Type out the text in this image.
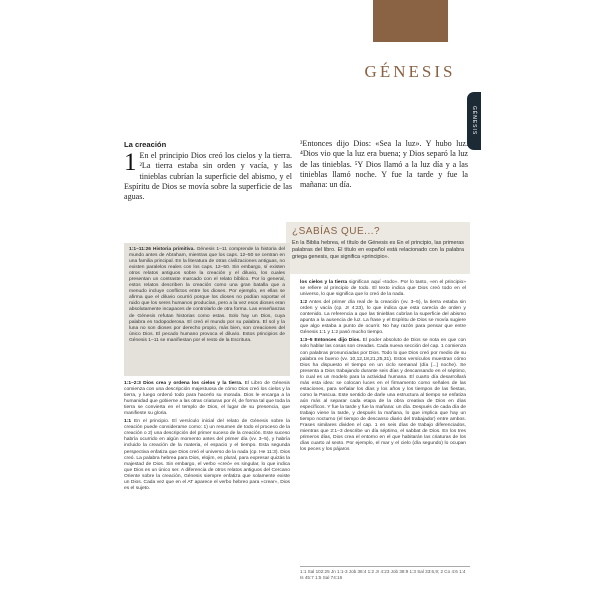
GÉNESIS
GÉNESIS
La creación
1 En el principio Dios creó los cielos y la tierra. ²La tierra estaba sin orden y vacía, y las tinieblas cubrían la superficie del abismo, y el Espíritu de Dios se movía sobre la superficie de las aguas.
³Entonces dijo Dios: «Sea la luz». Y hubo luz. ⁴Dios vio que la luz era buena; y Dios separó la luz de las tinieblas. ⁵Y Dios llamó a la luz día y a las tinieblas llamó noche. Y fue la tarde y fue la mañana: un día.
¿SABÍAS QUE...?
En la Biblia hebrea, el título de Génesis es En el principio, las primeras palabras del libro. El título en español está relacionado con la palabra griega genesis, que significa «principio».
1:1–11:26 Historia primitiva. Génesis 1–11 comprende la historia del mundo antes de Abraham, mientras que los caps. 12–50 se centran en una familia principal. En la literatura de otras civilizaciones antiguas, no existen paralelos reales con los caps. 12–50. Sin embargo, sí existen otros relatos antiguos sobre la creación y el diluvio, los cuales presentan un contraste marcado con el relato bíblico. Por lo general, estos relatos describen la creación como una gran batalla que a menudo incluye conflictos entre los dioses. Por ejemplo, en ellas se afirma que el diluvio ocurrió porque los dioses no podían soportar el ruido que los seres humanos producían, pero a la vez esos dioses eran absolutamente incapaces de controlarlo de otra forma. Las enseñanzas de Génesis refutan historias como estas. Solo hay un Dios, cuya palabra es todopoderosa. El creó el mundo por su palabra. El sol y la luna no son dioses por derecho propio, más bien, son creaciones del único Dios. El pecado humano provoca el diluvio. Estos principios de Génesis 1–11 se manifiestan por el resto de la Escritura.

1:1–2:3 Dios crea y ordena los cielos y la tierra. El Libro de Génesis comienza con una descripción majestuosa de cómo Dios creó los cielos y la tierra, y luego ordenó todo para hacerlo su morada. Dios le encarga a la humanidad que gobierne a las otras criaturas por él, de forma tal que toda la tierra se convierta en el templo de Dios, el lugar de su presencia, que manifieste su gloria.

1:1 En el principio. El versículo inicial del relato de Génesis sobre la creación puede considerarse como: 1) un resumen de todo el proceso de la creación o 2) una descripción del primer suceso de la creación. Este suceso habría ocurrido en algún momento antes del primer día (vv. 3–5), y habría incluido la creación de la materia, el espacio y el tiempo. Esta segunda perspectiva enfatiza que Dios creó el universo de la nada (cp. He 11:3). Dios creó. La palabra hebrea para Dios, elojim, es plural, para expresar quizás la majestad de Dios. Sin embargo, el verbo «creó» es singular, lo que indica que Dios es un único ser. A diferencia de otros relatos antiguos del Cercano Oriente sobre la creación, Génesis siempre enfatiza que solamente existe un Dios. Cada vez que en el AT aparece el verbo hebreo para «crear», Dios es el sujeto.

los cielos y la tierra significan aquí «todo». Por lo tanto, «en el principio» se refiere al principio de todo. El texto indica que Dios creó todo en el universo, lo que significa que lo creó de la nada.

1:2 Antes del primer día real de la creación (vv. 3–5), la tierra estaba sin orden y vacía (cp. Jr 4:23), lo que indica que esta carecía de orden y contenido. La referencia a que las tinieblas cubrían la superficie del abismo apunta a la ausencia de luz. La frase y el Espíritu de Dios se movía sugiere que algo estaba a punto de ocurrir. No hay razón para pensar que entre Génesis 1:1 y 1:2 pasó mucho tiempo.

1:3–5 Entonces dijo Dios. El poder absoluto de Dios se nota en que con solo hablar las cosas son creadas. Cada nueva sección del cap. 1 comienza con palabras pronunciadas por Dios. Todo lo que Dios creó por medio de su palabra es bueno (vv. 10,12,18,21,25,31). Estos versículos muestran cómo Dios ha dispuesto el tiempo en un ciclo semanal (día [...] noche). Se presenta a Dios trabajando durante seis días y descansando en el séptimo, lo cual es un modelo para la actividad humana. El cuarto día desarrollará más esta idea: se colocan luces en el firmamento como señales de las estaciones, para señalar los días y los años y los tiempos de las fiestas, como la Pascua. Este sentido de darle una estructura al tiempo se enfatiza aún más al separar cada etapa de la obra creativa de Dios en días específicos. Y fue la tarde y fue la mañana: un día. Después de cada día de trabajo viene la tarde, y después la mañana, lo que implica que hay un tiempo nocturno (el tiempo de descanso diario del trabajador) entre ambos. Frases similares dividen el cap. 1 en seis días de trabajo diferenciados, mientras que 2:1–3 describe un día séptimo, el sabbat de Dios. En los tres primeros días, Dios crea el entorno en el que habitarán las criaturas de los días cuarto al sexto. Por ejemplo, el mar y el cielo (día segundo) lo ocupan los peces y los pájaros

1:1 Sal 102:25 Jn 1:1-3 Job 38:4 1:2 Jr 4:23 Job 38:9 1:3 Sal 33:6,9; 2 Co 4:6 1:4 Is 45:7 1:5 Sal 74:16
